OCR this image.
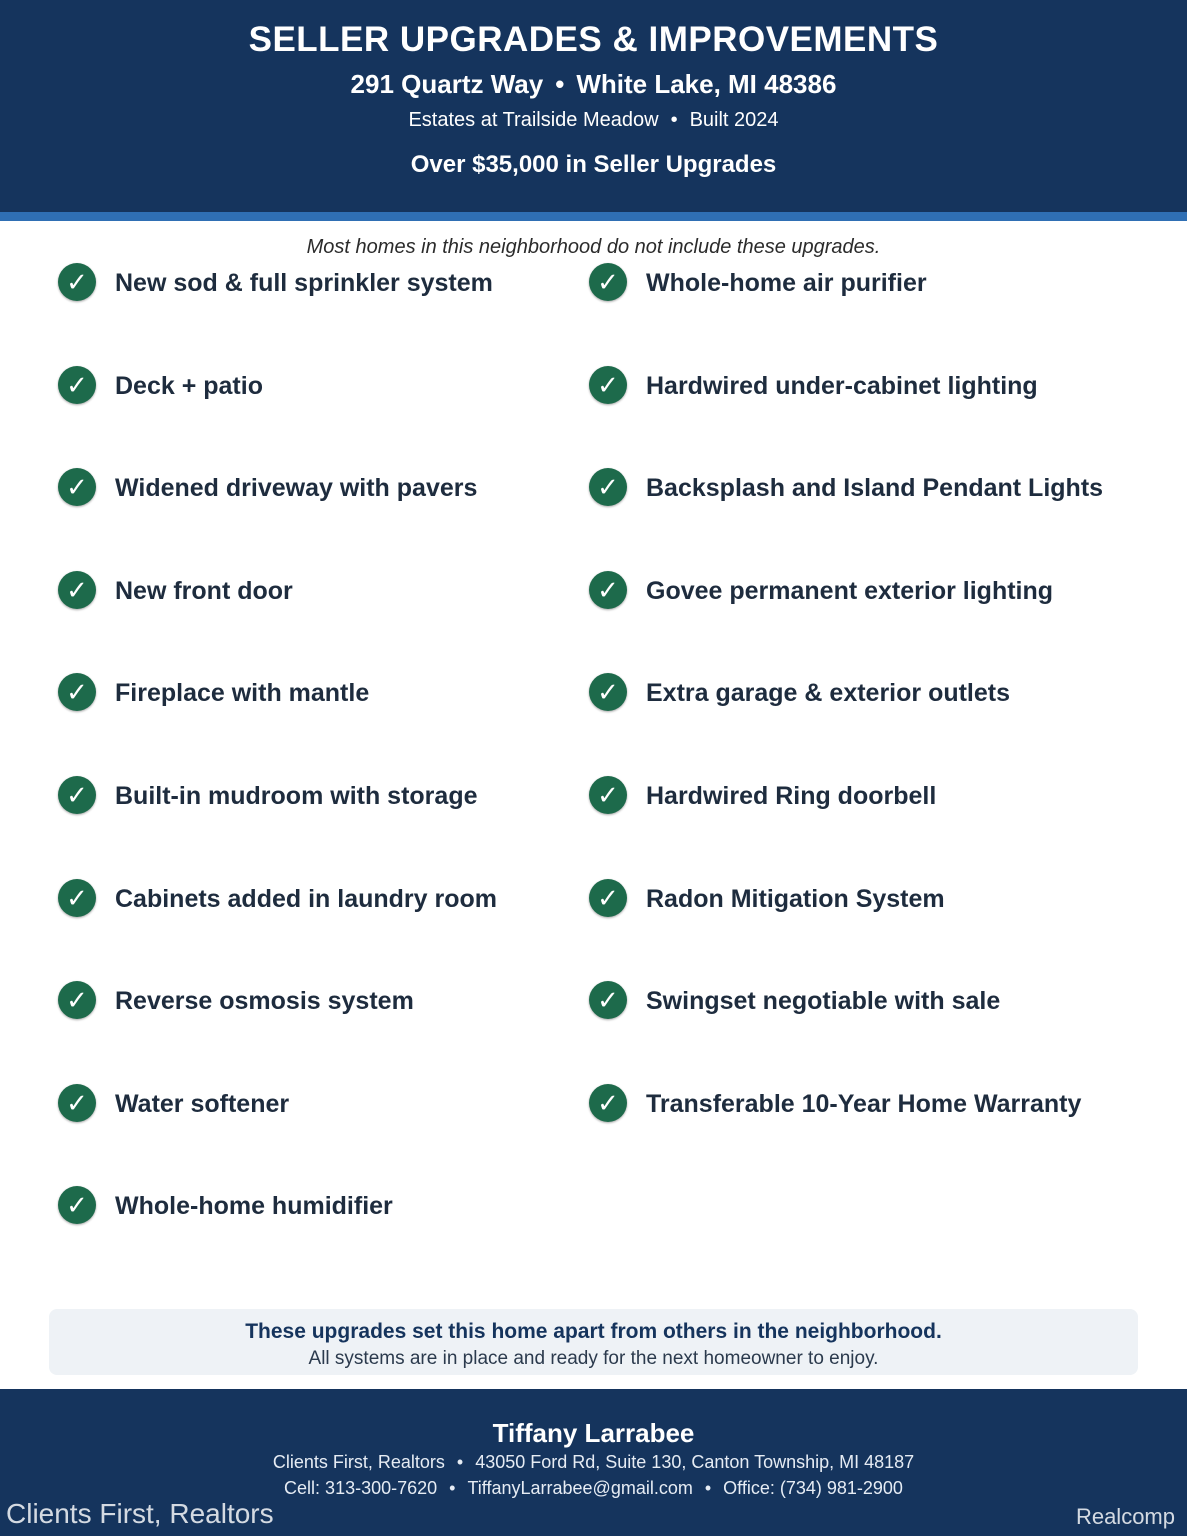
SELLER UPGRADES & IMPROVEMENTS
291 Quartz Way • White Lake, MI 48386
Estates at Trailside Meadow • Built 2024
Over $35,000 in Seller Upgrades
Most homes in this neighborhood do not include these upgrades.
✓	New sod & full sprinkler system
✓	Deck + patio
✓	Widened driveway with pavers
✓	New front door
✓	Fireplace with mantle
✓	Built-in mudroom with storage
✓	Cabinets added in laundry room
✓	Reverse osmosis system
✓	Water softener
✓	Whole-home humidifier
✓	Whole-home air purifier
✓	Hardwired under-cabinet lighting
✓	Backsplash and Island Pendant Lights
✓	Govee permanent exterior lighting
✓	Extra garage & exterior outlets
✓	Hardwired Ring doorbell
✓	Radon Mitigation System
✓	Swingset negotiable with sale
✓	Transferable 10-Year Home Warranty
These upgrades set this home apart from others in the neighborhood.
All systems are in place and ready for the next homeowner to enjoy.
Tiffany Larrabee
Clients First, Realtors • 43050 Ford Rd, Suite 130, Canton Township, MI 48187
Cell: 313-300-7620 • TiffanyLarrabee@gmail.com • Office: (734) 981-2900
Clients First, Realtors	Realcomp
